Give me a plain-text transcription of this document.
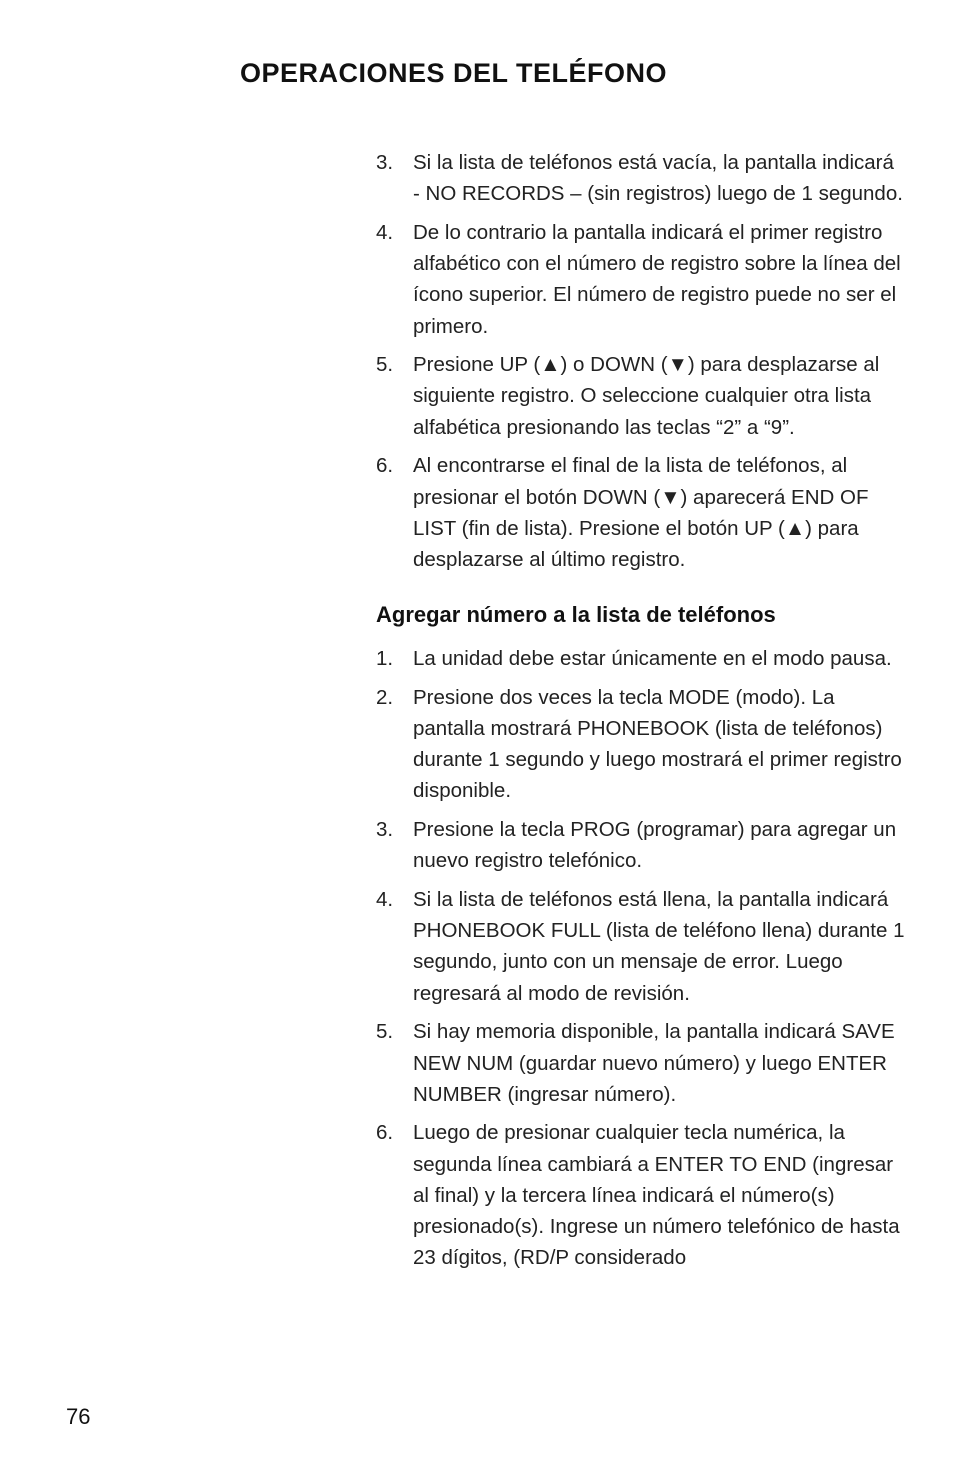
OPERACIONES DEL TELÉFONO
3. Si la lista de teléfonos está vacía, la pantalla indicará - NO RECORDS – (sin registros) luego de 1 segundo.
4. De lo contrario la pantalla indicará el primer registro alfabético con el número de registro sobre la línea del ícono superior. El número de registro puede no ser el primero.
5. Presione UP (▲) o DOWN (▼) para desplazarse al siguiente registro. O seleccione cualquier otra lista alfabética presionando las teclas “2” a “9”.
6. Al encontrarse el final de la lista de teléfonos, al presionar el botón DOWN (▼) aparecerá END OF LIST (fin de lista). Presione el botón UP (▲) para desplazarse al último registro.
Agregar número a la lista de teléfonos
1. La unidad debe estar únicamente en el modo pausa.
2. Presione dos veces la tecla MODE (modo). La pantalla mostrará PHONEBOOK (lista de teléfonos) durante 1 segundo y luego mostrará el primer registro disponible.
3. Presione la tecla PROG (programar) para agregar un nuevo registro telefónico.
4. Si la lista de teléfonos está llena, la pantalla indicará PHONEBOOK FULL (lista de teléfono llena) durante 1 segundo, junto con un mensaje de error. Luego regresará al modo de revisión.
5. Si hay memoria disponible, la pantalla indicará SAVE NEW NUM (guardar nuevo número) y luego ENTER NUMBER (ingresar número).
6. Luego de presionar cualquier tecla numérica, la segunda línea cambiará a ENTER TO END (ingresar al final) y la tercera línea indicará el número(s) presionado(s). Ingrese un número telefónico de hasta 23 dígitos, (RD/P considerado
76
